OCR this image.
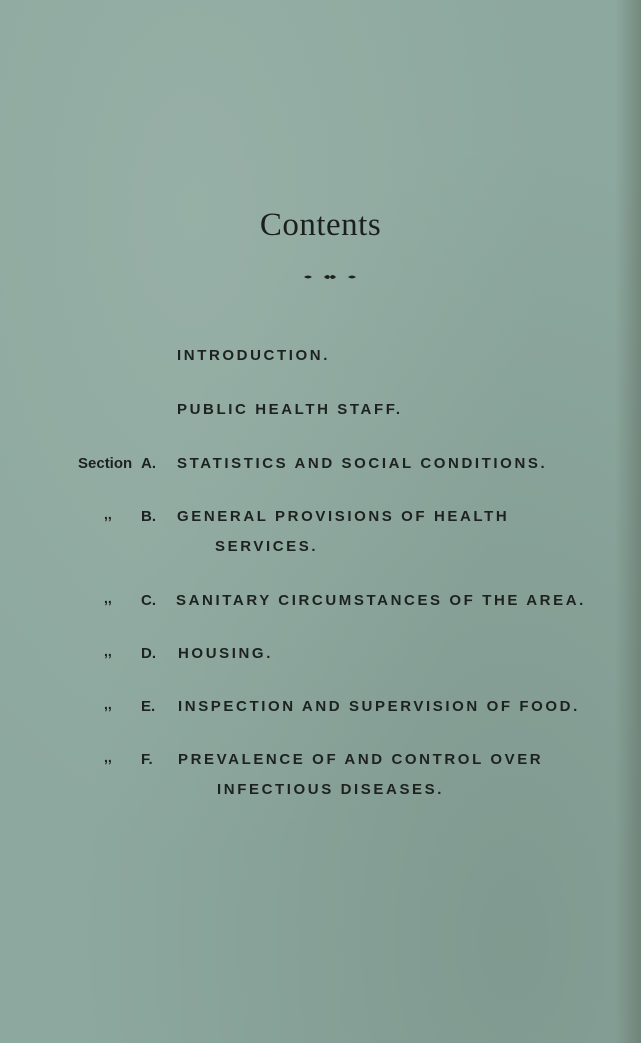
Contents
INTRODUCTION.
PUBLIC HEALTH STAFF.
Section A. STATISTICS AND SOCIAL CONDITIONS.
,, B. GENERAL PROVISIONS OF HEALTH
SERVICES.
,, C. SANITARY CIRCUMSTANCES OF THE AREA.
,, D. HOUSING.
,, E. INSPECTION AND SUPERVISION OF FOOD.
,, F. PREVALENCE OF AND CONTROL OVER
INFECTIOUS DISEASES.
